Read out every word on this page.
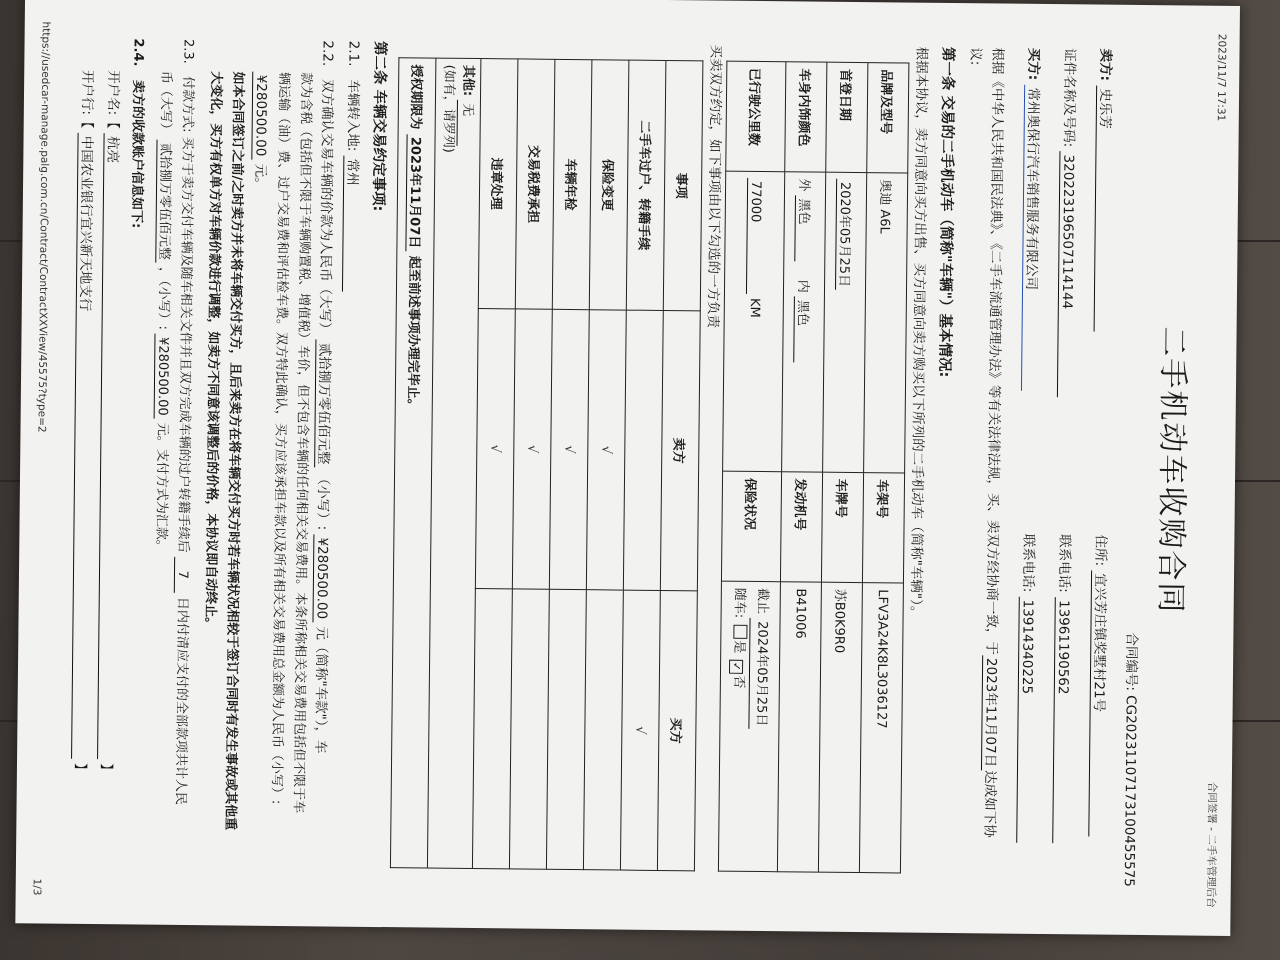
2023/11/7 17:31
合同签署 - 二手车管理后台
二手机动车收购合同
合同编号: CG20231107173100455575
卖方: 史乐芳
住所: 宜兴芳庄镇奖墅村21号
证件名称及号码: 320223196507114144
联系电话: 13961190562
买方: 常州奥保行汽车销售服务有限公司
联系电话: 13914340225
根据《中华人民共和国民法典》、《二手车流通管理办法》等有关法律法规，买、卖双方经协商一致，于2023年11月07日达成如下协
议:
第一条 交易的二手机动车（简称"车辆"）基本情况:
根据本协议，卖方同意向买方出售、买方同意向卖方购买以下所列的二手机动车（简称"车辆"）。
品牌及型号	奥迪 A6L	车架号	LFV3A24K8L3036127
首登日期	2020年05月25日	车牌号	苏B0K9R0
车身内饰颜色	外 黑色 内 黑色	发动机号	B41006
已行驶公里数	77000 KM	保险状况	截止 2024年05月25日
随车: 是 ✓否
买卖双方约定，如下事项由以下勾选的一方负责
事项	卖方	买方
二手车过户、转籍手续		√
保险变更	√	
车辆年检	√	
交易税费承担	√	
违章处理	√	
其他: 无
(如有，请罗列)		
授权期限为 2023年11月07日 起至前述事项办理完毕止。		
第二条 车辆交易约定事项:
2.1.   车辆转入地: 常州
2.2.   双方确认交易车辆的价款为人民币（大写） 贰拾捌万零伍佰元整 （小写）: ¥280500.00 元（简称"车款"），车
款为含税（包括但不限于车辆购置税、增值税）车价，但不包含车辆的任何相关交易费用。本条所称相关交易费用包括但不限于车
辆运输（油）费、过户交易费和评估检车费。双方特此确认，买方应该承担车款以及所有相关交易费用总金额为人民币（小写）:
¥280500.00 元。
如本合同签订之前/之时卖方并未将车辆交付买方，且后来卖方在将车辆交付买方时若车辆状况相较于签订合同时有发生事故或其他重
大变化，买方有权单方对车辆价款进行调整，如卖方不同意该调整后的价格，本协议即自动终止。
2.3.   付款方式: 买方于卖方交付车辆及随车相关文件并且双方完成车辆的过户转籍手续后 7 日内付清应支付的全部款项共计人民
币（大写） 贰拾捌万零伍佰元整 ，（小写）: ¥280500.00 元。支付方式为汇款。
2.4.   卖方的收款账户信息如下:
开户名:【 杭亮 】
开户行:【 中国农业银行宜兴新天地支行 】
https://usedcar-manage.palg.com.cn/Contract/ContractXXView/45575?type=2
1/3
